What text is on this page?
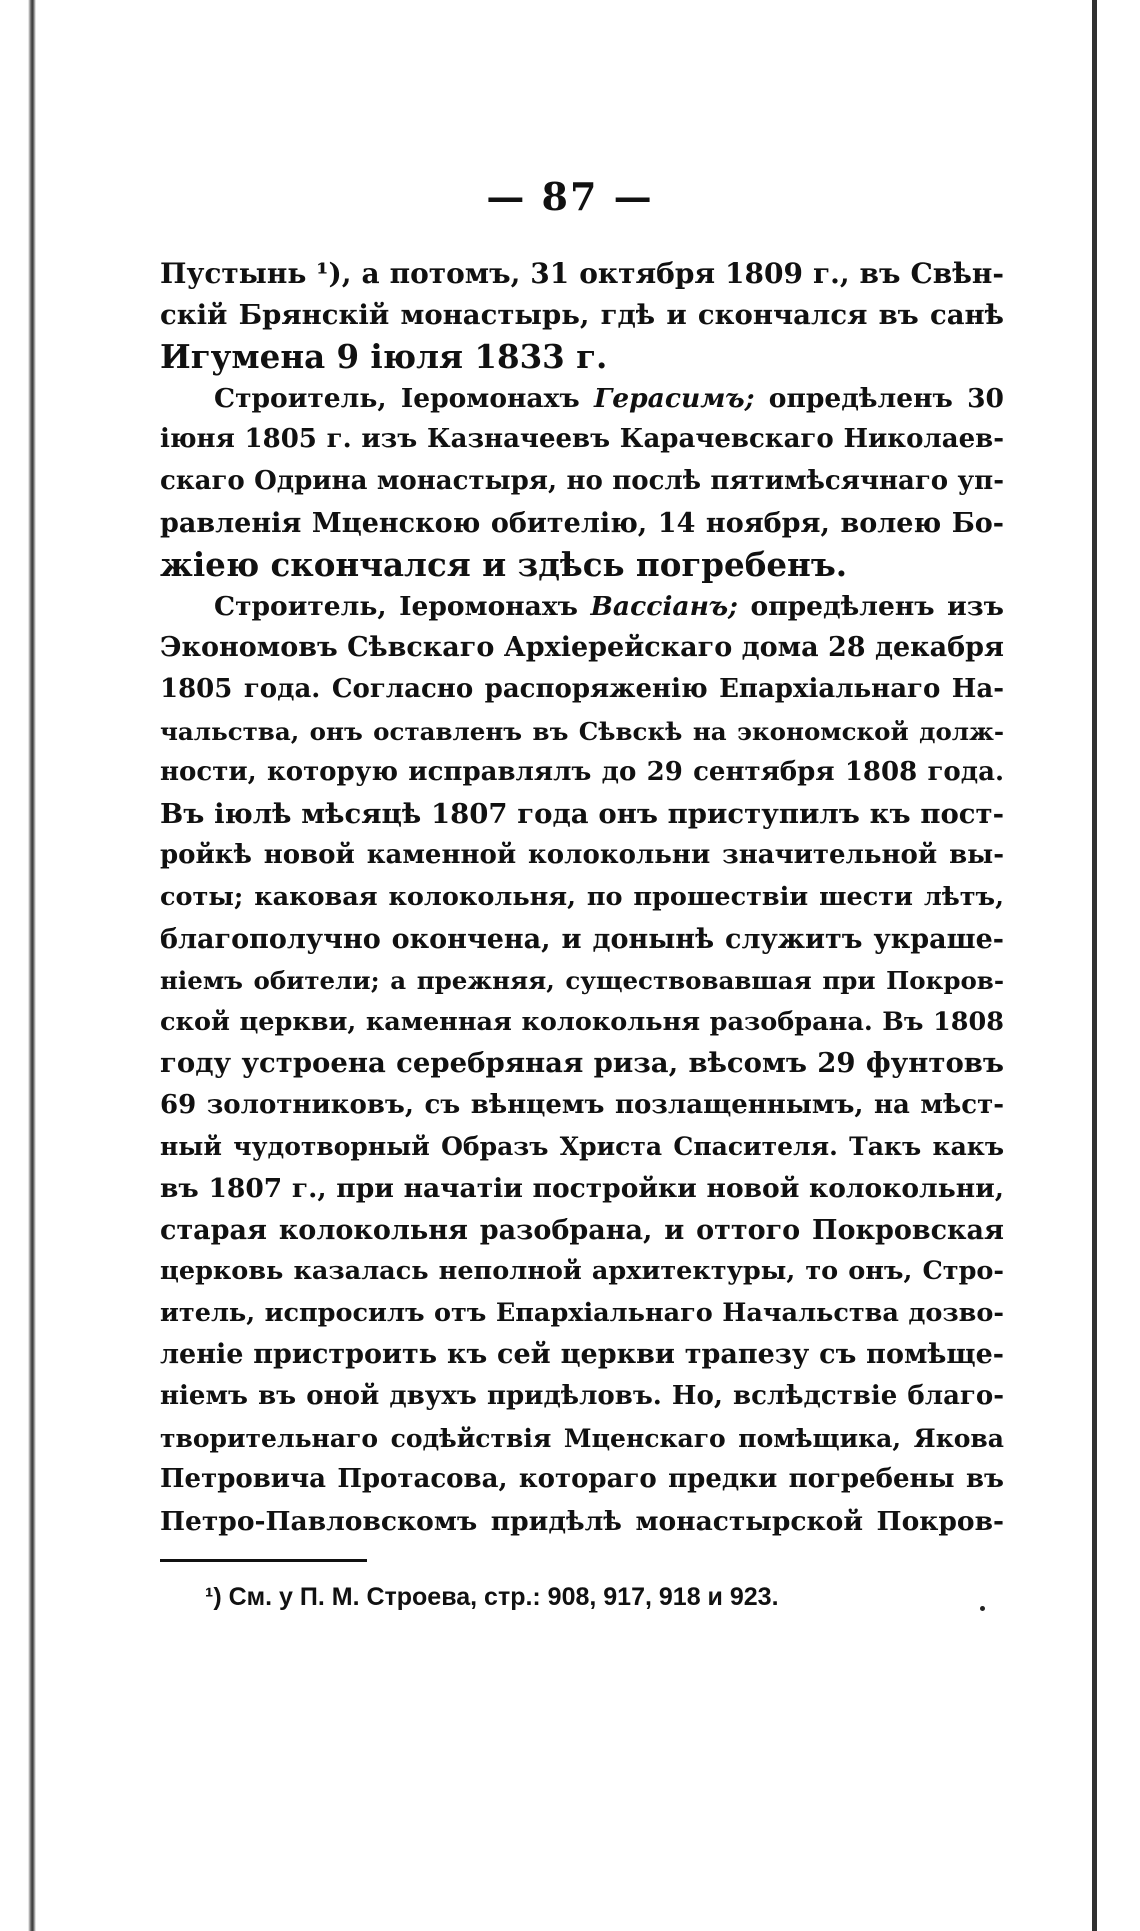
— 87 —
Пустынь ¹), а потомъ, 31 октября 1809 г., въ Свѣн-
скій Брянскій монастырь, гдѣ и скончался въ санѣ
Игумена 9 іюля 1833 г.
Строитель, Іеромонахъ Герасимъ; опредѣленъ 30
іюня 1805 г. изъ Казначеевъ Карачевскаго Николаев-
скаго Одрина монастыря, но послѣ пятимѣсячнаго уп-
равленія Мценскою обителію, 14 ноября, волею Бо-
жіею скончался и здѣсь погребенъ.
Строитель, Іеромонахъ Вассіанъ; опредѣленъ изъ
Экономовъ Сѣвскаго Архіерейскаго дома 28 декабря
1805 года. Согласно распоряженію Епархіальнаго На-
чальства, онъ оставленъ въ Сѣвскѣ на экономской долж-
ности, которую исправлялъ до 29 сентября 1808 года.
Въ іюлѣ мѣсяцѣ 1807 года онъ приступилъ къ пост-
ройкѣ новой каменной колокольни значительной вы-
соты; каковая колокольня, по прошествіи шести лѣтъ,
благополучно окончена, и донынѣ служитъ украше-
ніемъ обители; а прежняя, существовавшая при Покров-
ской церкви, каменная колокольня разобрана. Въ 1808
году устроена серебряная риза, вѣсомъ 29 фунтовъ
69 золотниковъ, съ вѣнцемъ позлащеннымъ, на мѣст-
ный чудотворный Образъ Христа Спасителя. Такъ какъ
въ 1807 г., при начатіи постройки новой колокольни,
старая колокольня разобрана, и оттого Покровская
церковь казалась неполной архитектуры, то онъ, Стро-
итель, испросилъ отъ Епархіальнаго Начальства дозво-
леніе пристроить къ сей церкви трапезу съ помѣще-
ніемъ въ оной двухъ придѣловъ. Но, вслѣдствіе благо-
творительнаго содѣйствія Мценскаго помѣщика, Якова
Петровича Протасова, котораго предки погребены въ
Петро-Павловскомъ придѣлѣ монастырской Покров-
¹) См. у П. М. Строева, стр.: 908, 917, 918 и 923.
